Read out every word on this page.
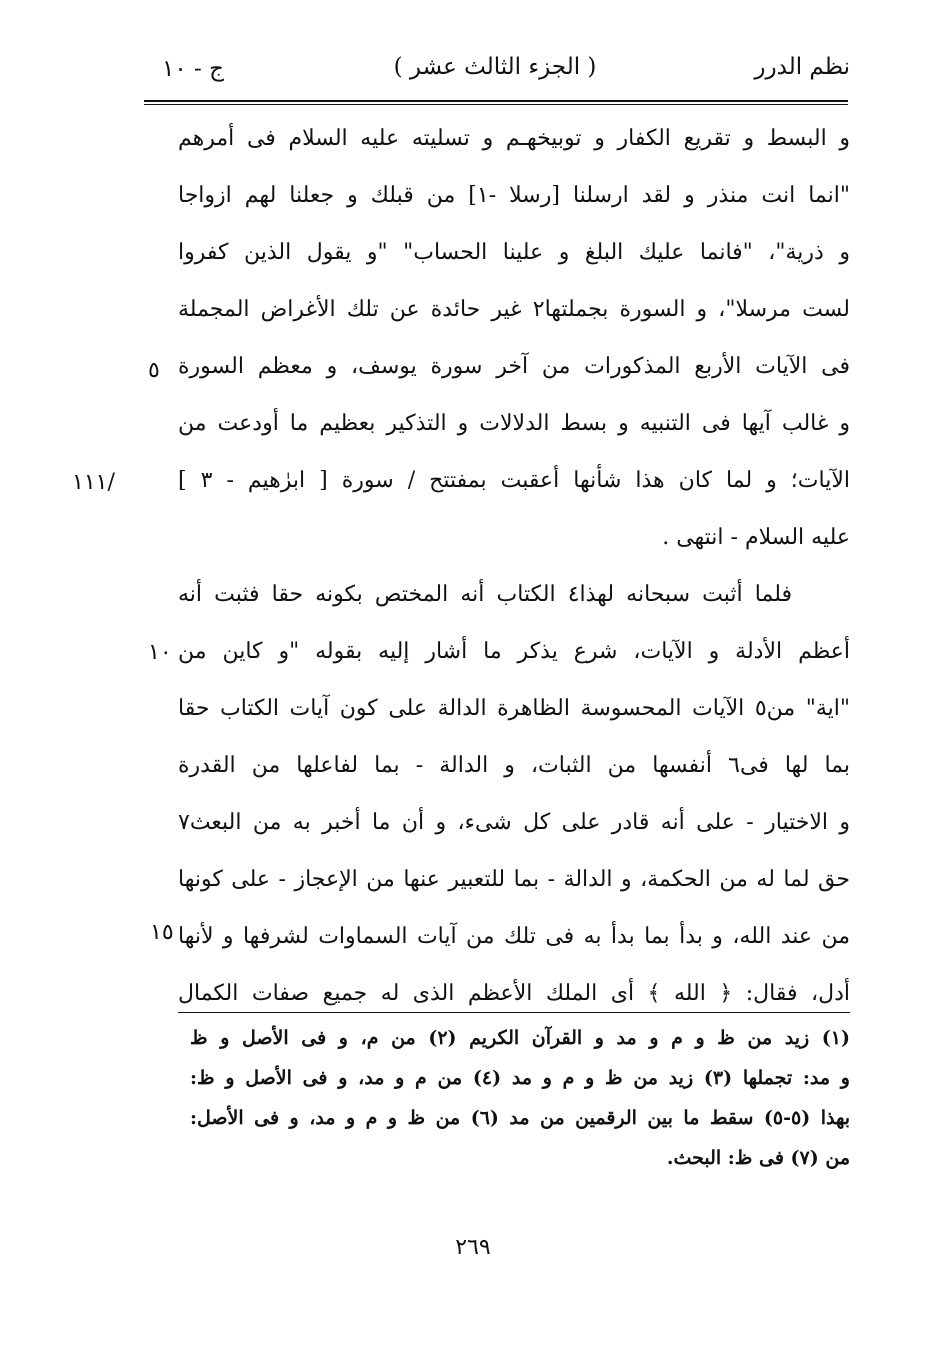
نظم الدرر
( الجزء الثالث عشر )
ج - ١٠
و البسط و تقريع الكفار و توبيخهـم و تسليته عليه السلام فى أمرهم
"انما انت منذر و لقد ارسلنا [رسلا -١] من قبلك و جعلنا لهم ازواجا
و ذرية"، "فانما عليك البلغ و علينا الحساب" "و يقول الذين كفروا
لست مرسلا"، و السورة بجملتها٢ غير حائدة عن تلك الأغراض المجملة
فى الآيات الأربع المذكورات من آخر سورة يوسف، و معظم السورة
و غالب آيها فى التنبيه و بسط الدلالات و التذكير بعظيم ما أودعت من
الآيات؛ و لما كان هذا شأنها أعقبت بمفتتح / سورة [ ابرٰهيم - ٣ ]
عليه السلام - انتهى .
فلما أثبت سبحانه لهذا٤ الكتاب أنه المختص بكونه حقا فثبت أنه
أعظم الأدلة و الآيات، شرع يذكر ما أشار إليه بقوله "و كاين من
"اية" من٥ الآيات المحسوسة الظاهرة الدالة على كون آيات الكتاب حقا
بما لها فى٦ أنفسها من الثبات، و الدالة - بما لفاعلها من القدرة
و الاختيار - على أنه قادر على كل شىء، و أن ما أخبر به من البعث٧
حق لما له من الحكمة، و الدالة - بما للتعبير عنها من الإعجاز - على كونها
من عند الله، و بدأ بما بدأ به فى تلك من آيات السماوات لشرفها و لأنها
أدل، فقال: ﴿ الله ﴾ أى الملك الأعظم الذى له جميع صفات الكمال
٥
/١١١
١٠
١٥
(١) زيد من ظ و م و مد و القرآن الكريم (٢) من م، و فى الأصل و ظ
و مد: تجملها (٣) زيد من ظ و م و مد (٤) من م و مد، و فى الأصل و ظ:
بهذا (٥-٥) سقط ما بين الرقمين من مد (٦) من ظ و م و مد، و فى الأصل:
من (٧) فى ظ: البحث.
٢٦٩
